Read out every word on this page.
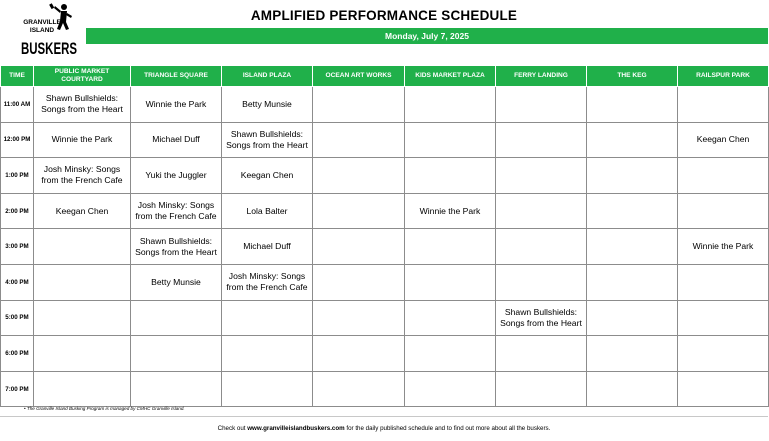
GRANVILLE
ISLAND
BUSKERS
AMPLIFIED PERFORMANCE SCHEDULE
Monday, July 7, 2025
TIME	PUBLIC MARKET COURTYARD	TRIANGLE SQUARE	ISLAND PLAZA	OCEAN ART WORKS	KIDS MARKET PLAZA	FERRY LANDING	THE KEG	RAILSPUR PARK
11:00 AM	Shawn Bullshields: Songs from the Heart	Winnie the Park	Betty Munsie					
12:00 PM	Winnie the Park	Michael Duff	Shawn Bullshields: Songs from the Heart					Keegan Chen
1:00 PM	Josh Minsky: Songs from the French Cafe	Yuki the Juggler	Keegan Chen					
2:00 PM	Keegan Chen	Josh Minsky: Songs from the French Cafe	Lola Balter		Winnie the Park			
3:00 PM		Shawn Bullshields: Songs from the Heart	Michael Duff					Winnie the Park
4:00 PM		Betty Munsie	Josh Minsky: Songs from the French Cafe					
5:00 PM						Shawn Bullshields: Songs from the Heart		
6:00 PM								
7:00 PM								
• The Granville Island Busking Program is managed by CMHC Granville Island.
Check out www.granvilleislandbuskers.com for the daily published schedule and to find out more about all the buskers.
